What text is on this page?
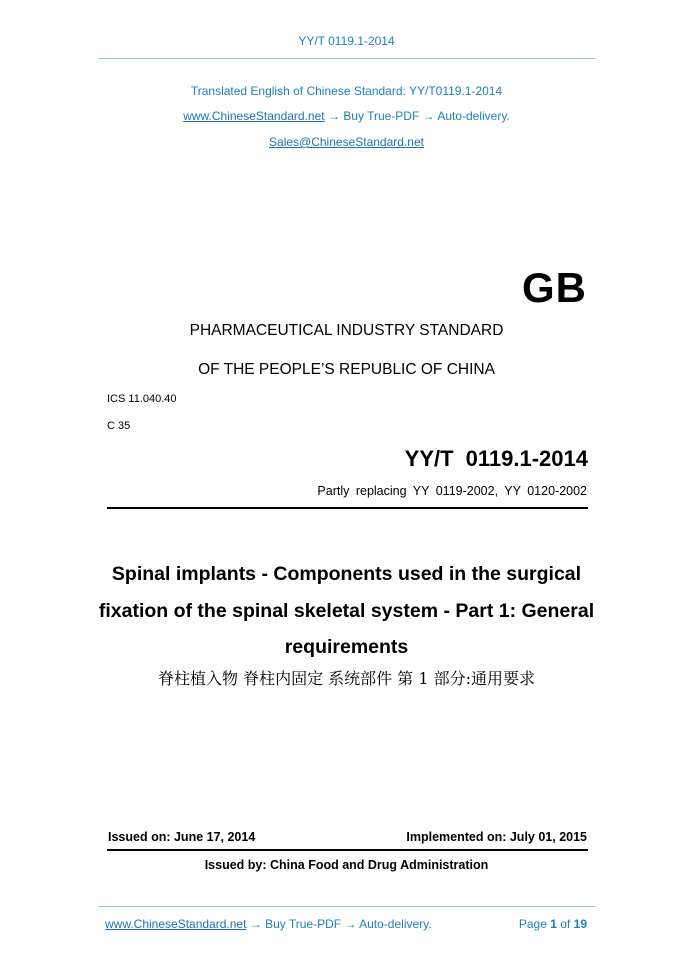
YY/T 0119.1-2014
Translated English of Chinese Standard: YY/T0119.1-2014
www.ChineseStandard.net → Buy True-PDF → Auto-delivery.
Sales@ChineseStandard.net
GB
PHARMACEUTICAL INDUSTRY STANDARD
OF THE PEOPLE’S REPUBLIC OF CHINA
ICS 11.040.40
C 35
YY/T 0119.1-2014
Partly replacing YY 0119-2002, YY 0120-2002
Spinal implants - Components used in the surgical
fixation of the spinal skeletal system - Part 1: General
requirements
脊柱植入物 脊柱内固定 系统部件 第 1 部分:通用要求
Issued on: June 17, 2014	Implemented on: July 01, 2015
Issued by: China Food and Drug Administration
www.ChineseStandard.net → Buy True-PDF → Auto-delivery.	Page 1 of 19
